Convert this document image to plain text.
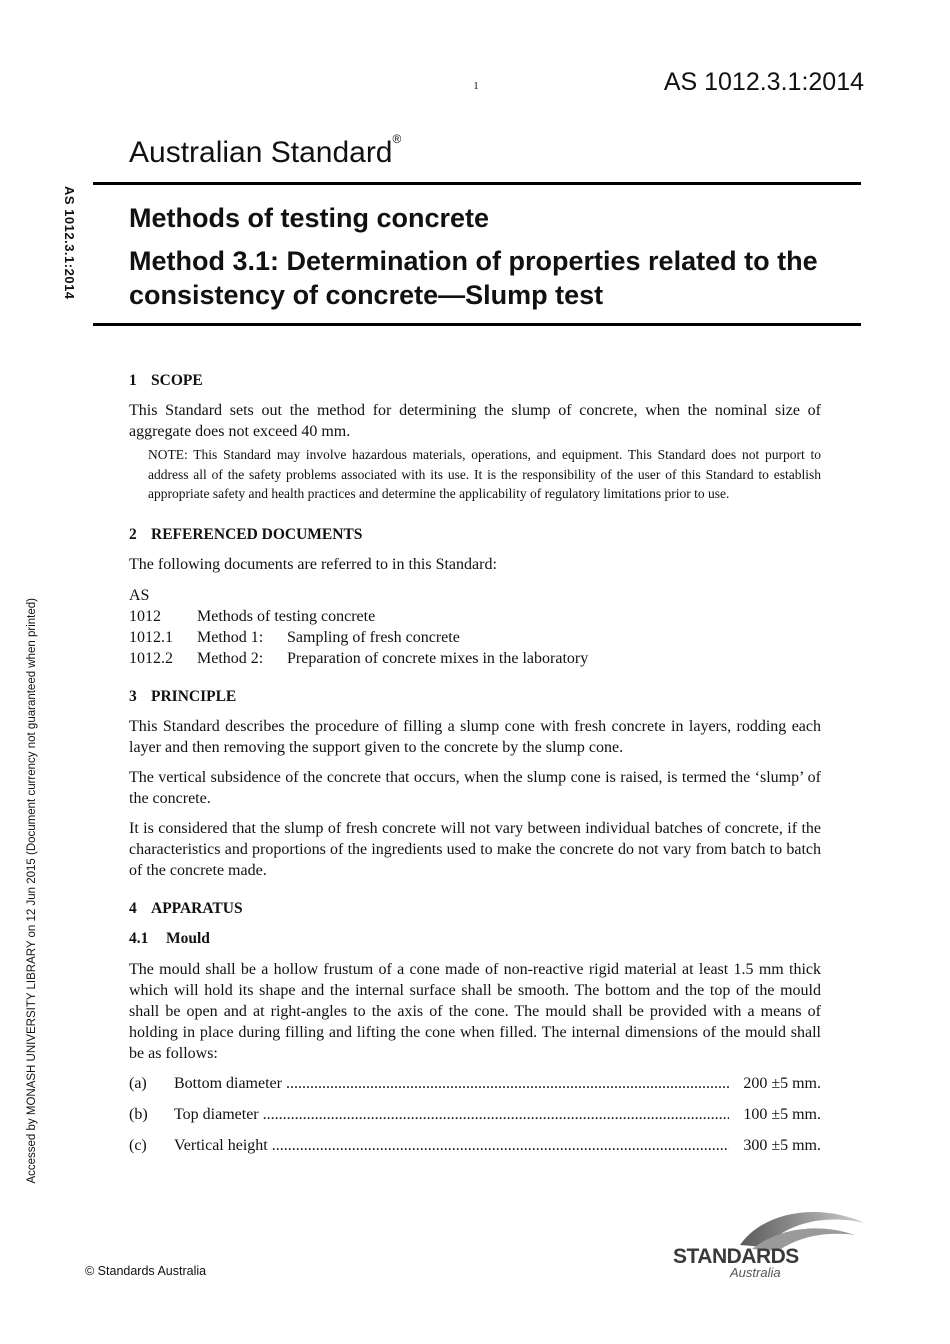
1	AS 1012.3.1:2014
Australian Standard®
Methods of testing concrete
Method 3.1: Determination of properties related to the consistency of concrete—Slump test
AS 1012.3.1:2014
Accessed by MONASH UNIVERSITY LIBRARY on 12 Jun 2015 (Document currency not guaranteed when printed)
1 SCOPE

This Standard sets out the method for determining the slump of concrete, when the nominal size of aggregate does not exceed 40 mm.

NOTE: This Standard may involve hazardous materials, operations, and equipment. This Standard does not purport to address all of the safety problems associated with its use. It is the responsibility of the user of this Standard to establish appropriate safety and health practices and determine the applicability of regulatory limitations prior to use.
2 REFERENCED DOCUMENTS

The following documents are referred to in this Standard:

AS
1012	Methods of testing concrete
1012.1	Method 1:	Sampling of fresh concrete
1012.2	Method 2:	Preparation of concrete mixes in the laboratory
3 PRINCIPLE

This Standard describes the procedure of filling a slump cone with fresh concrete in layers, rodding each layer and then removing the support given to the concrete by the slump cone.

The vertical subsidence of the concrete that occurs, when the slump cone is raised, is termed the ‘slump’ of the concrete.

It is considered that the slump of fresh concrete will not vary between individual batches of concrete, if the characteristics and proportions of the ingredients used to make the concrete do not vary from batch to batch of the concrete made.

4 APPARATUS
4.1 Mould

The mould shall be a hollow frustum of a cone made of non-reactive rigid material at least 1.5 mm thick which will hold its shape and the internal surface shall be smooth. The bottom and the top of the mould shall be open and at right-angles to the axis of the cone. The mould shall be provided with a means of holding in place during filling and lifting the cone when filled. The internal dimensions of the mould shall be as follows:

(a)	Bottom diameter .....	200 ±5 mm.
(b)	Top diameter .....	100 ±5 mm.
(c)	Vertical height .....	300 ±5 mm.
STANDARDS
Australia
© Standards Australia
